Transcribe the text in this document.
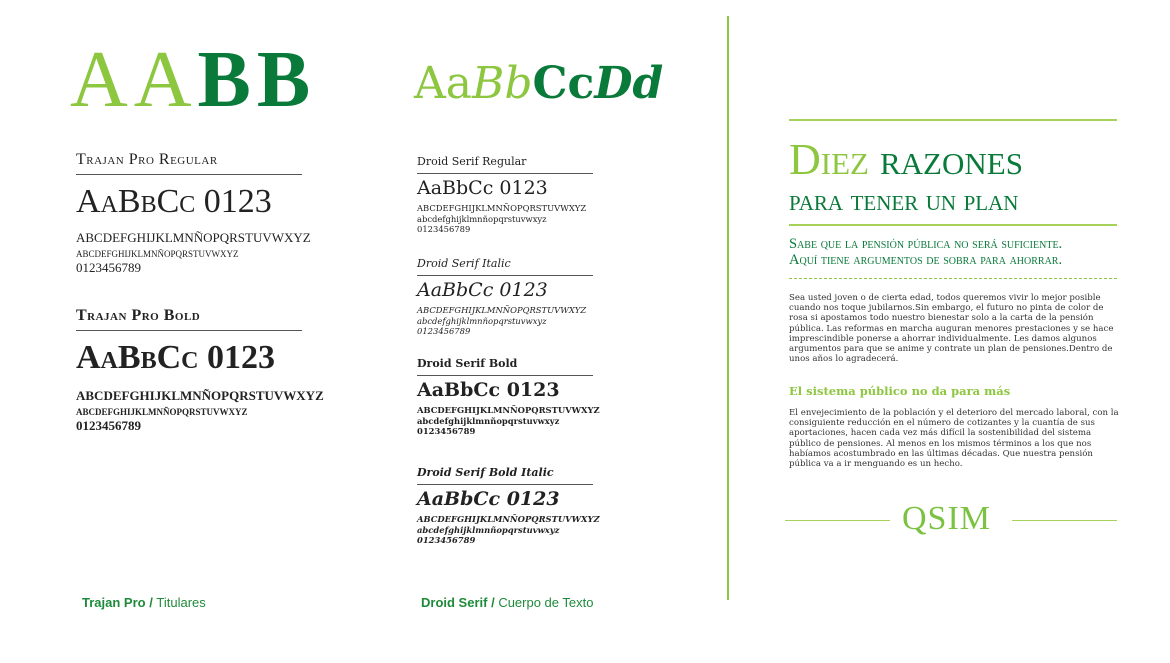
AABB
Trajan Pro Regular
AaBbCc 0123
ABCDEFGHIJKLMNÑOPQRSTUVWXYZ
abcdefghijklmnñopqrstuvwxyz
0123456789
Trajan Pro Bold
AaBbCc 0123
ABCDEFGHIJKLMNÑOPQRSTUVWXYZ
abcdefghijklmnñopqrstuvwxyz
0123456789
Trajan Pro / Titulares
AaBbCcDd
Droid Serif Regular
AaBbCc 0123
ABCDEFGHIJKLMNÑOPQRSTUVWXYZ
abcdefghijklmnñopqrstuvwxyz
0123456789
Droid Serif Italic
AaBbCc 0123
ABCDEFGHIJKLMNÑOPQRSTUVWXYZ
abcdefghijklmnñopqrstuvwxyz
0123456789
Droid Serif Bold
AaBbCc 0123
ABCDEFGHIJKLMNÑOPQRSTUVWXYZ
abcdefghijklmnñopqrstuvwxyz
0123456789
Droid Serif Bold Italic
AaBbCc 0123
ABCDEFGHIJKLMNÑOPQRSTUVWXYZ
abcdefghijklmnñopqrstuvwxyz
0123456789
Droid Serif / Cuerpo de Texto
Diez razones
para tener un plan
Sabe que la pensión pública no será suficiente.
Aquí tiene argumentos de sobra para ahorrar.
Sea usted joven o de cierta edad, todos queremos vivir lo mejor posible cuando nos toque jubilarnos.Sin embargo, el futuro no pinta de color de rosa si apostamos todo nuestro bienestar solo a la carta de la pensión pública. Las reformas en marcha auguran menores prestaciones y se hace imprescindible ponerse a ahorrar individualmente. Les damos algunos argumentos para que se anime y contrate un plan de pensiones.Dentro de unos años lo agradecerá.
El sistema público no da para más
El envejecimiento de la población y el deterioro del mercado laboral, con la consiguiente reducción en el número de cotizantes y la cuantía de sus aportaciones, hacen cada vez más difícil la sostenibilidad del sistema público de pensiones. Al menos en los mismos términos a los que nos habíamos acostumbrado en las últimas décadas. Que nuestra pensión pública va a ir menguando es un hecho.
QSIM
